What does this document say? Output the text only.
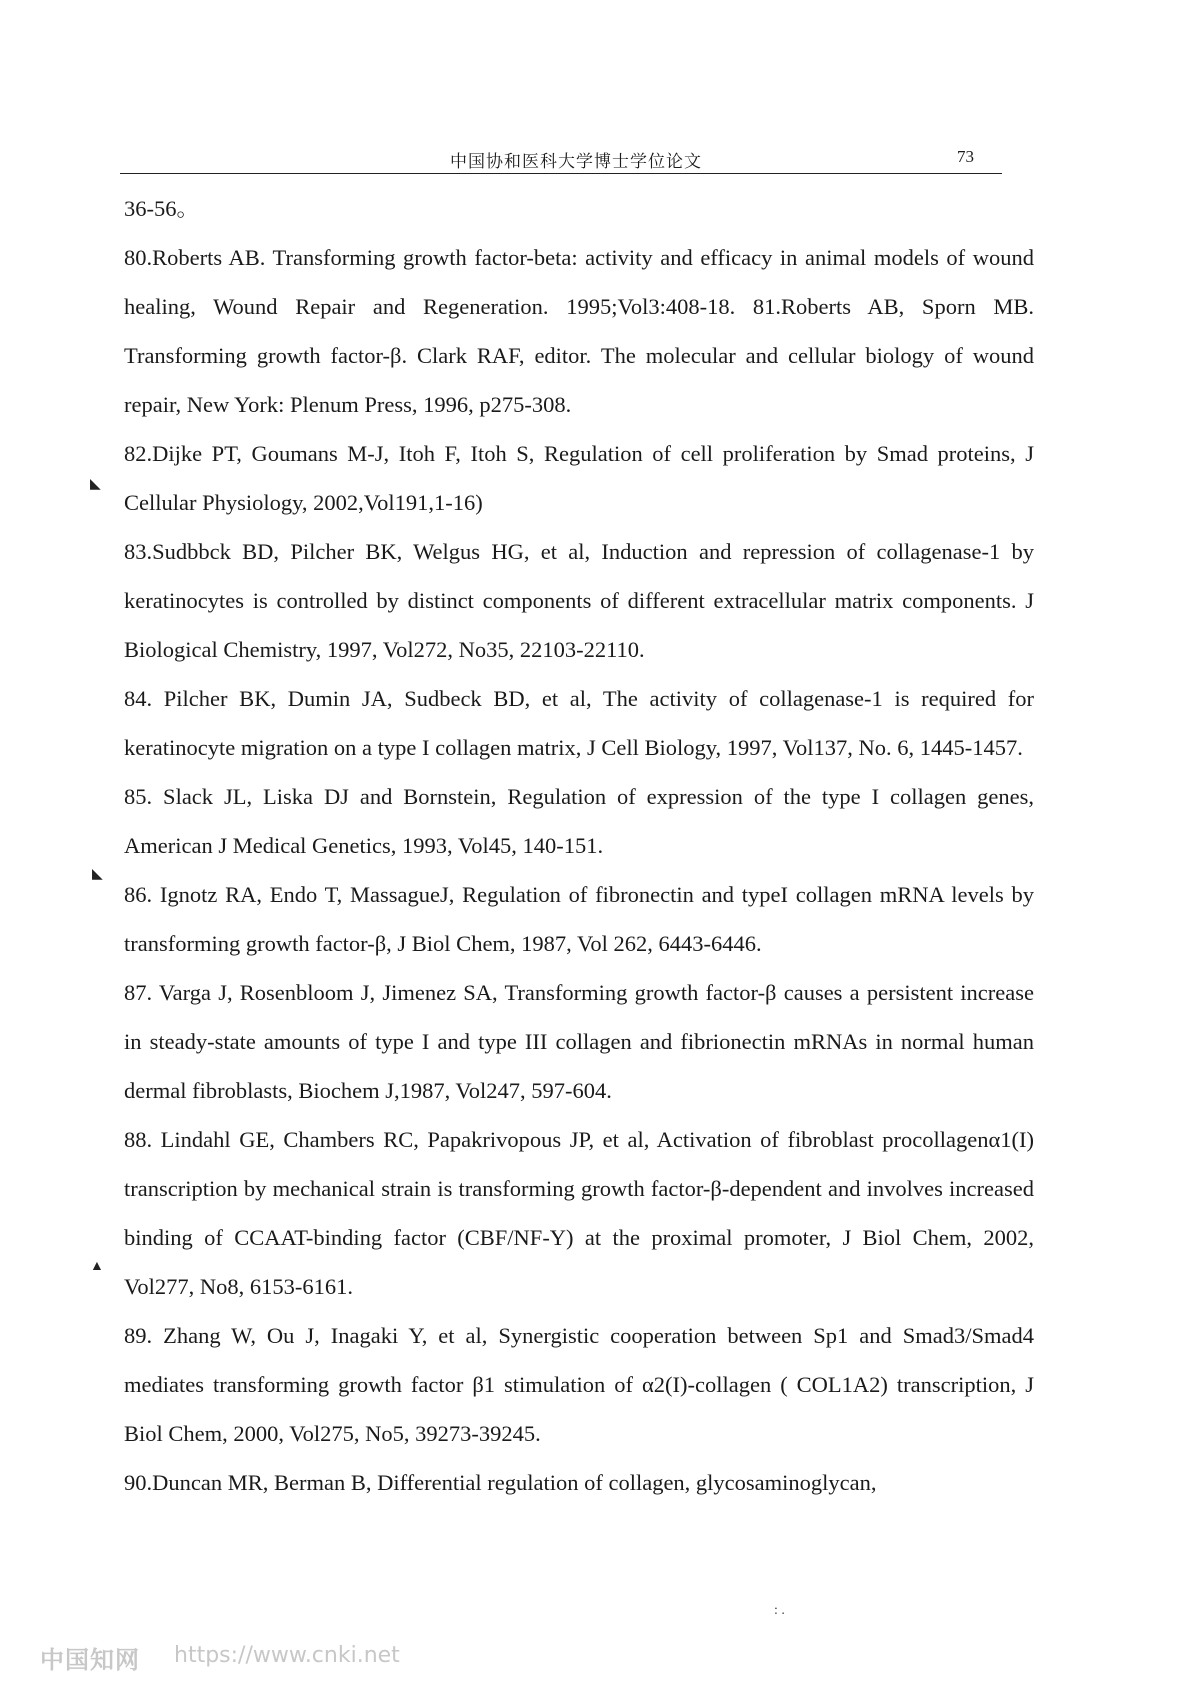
中国协和医科大学博士学位论文	73

36-56。

80.Roberts AB. Transforming growth factor-beta: activity and efficacy in animal models of wound healing, Wound Repair and Regeneration. 1995;Vol3:408-18. 81.Roberts AB, Sporn MB. Transforming growth factor-β. Clark RAF, editor. The molecular and cellular biology of wound repair, New York: Plenum Press, 1996, p275-308.

82.Dijke PT, Goumans M-J, Itoh F, Itoh S, Regulation of cell proliferation by Smad proteins, J Cellular Physiology, 2002,Vol191,1-16)

83.Sudbbck BD, Pilcher BK, Welgus HG, et al, Induction and repression of collagenase-1 by keratinocytes is controlled by distinct components of different extracellular matrix components. J Biological Chemistry, 1997, Vol272, No35, 22103-22110.

84. Pilcher BK, Dumin JA, Sudbeck BD, et al, The activity of collagenase-1 is required for keratinocyte migration on a type I collagen matrix, J Cell Biology, 1997, Vol137, No. 6, 1445-1457.

85. Slack JL, Liska DJ and Bornstein, Regulation of expression of the type I collagen genes, American J Medical Genetics, 1993, Vol45, 140-151.

86. Ignotz RA, Endo T, MassagueJ, Regulation of fibronectin and typeI collagen mRNA levels by transforming growth factor-β, J Biol Chem, 1987, Vol 262, 6443-6446.

87. Varga J, Rosenbloom J, Jimenez SA, Transforming growth factor-β causes a persistent increase in steady-state amounts of type I and type III collagen and fibrionectin mRNAs in normal human dermal fibroblasts, Biochem J,1987, Vol247, 597-604.

88. Lindahl GE, Chambers RC, Papakrivopous JP, et al, Activation of fibroblast procollagenα1(I) transcription by mechanical strain is transforming growth factor-β-dependent and involves increased binding of CCAAT-binding factor (CBF/NF-Y) at the proximal promoter, J Biol Chem, 2002, Vol277, No8, 6153-6161.

89. Zhang W, Ou J, Inagaki Y, et al, Synergistic cooperation between Sp1 and Smad3/Smad4 mediates transforming growth factor β1 stimulation of α2(I)-collagen ( COL1A2) transcription, J Biol Chem, 2000, Vol275, No5, 39273-39245.

90.Duncan MR, Berman B, Differential regulation of collagen, glycosaminoglycan,

◣
◣
▲
: .
中国知网 https://www.cnki.net
